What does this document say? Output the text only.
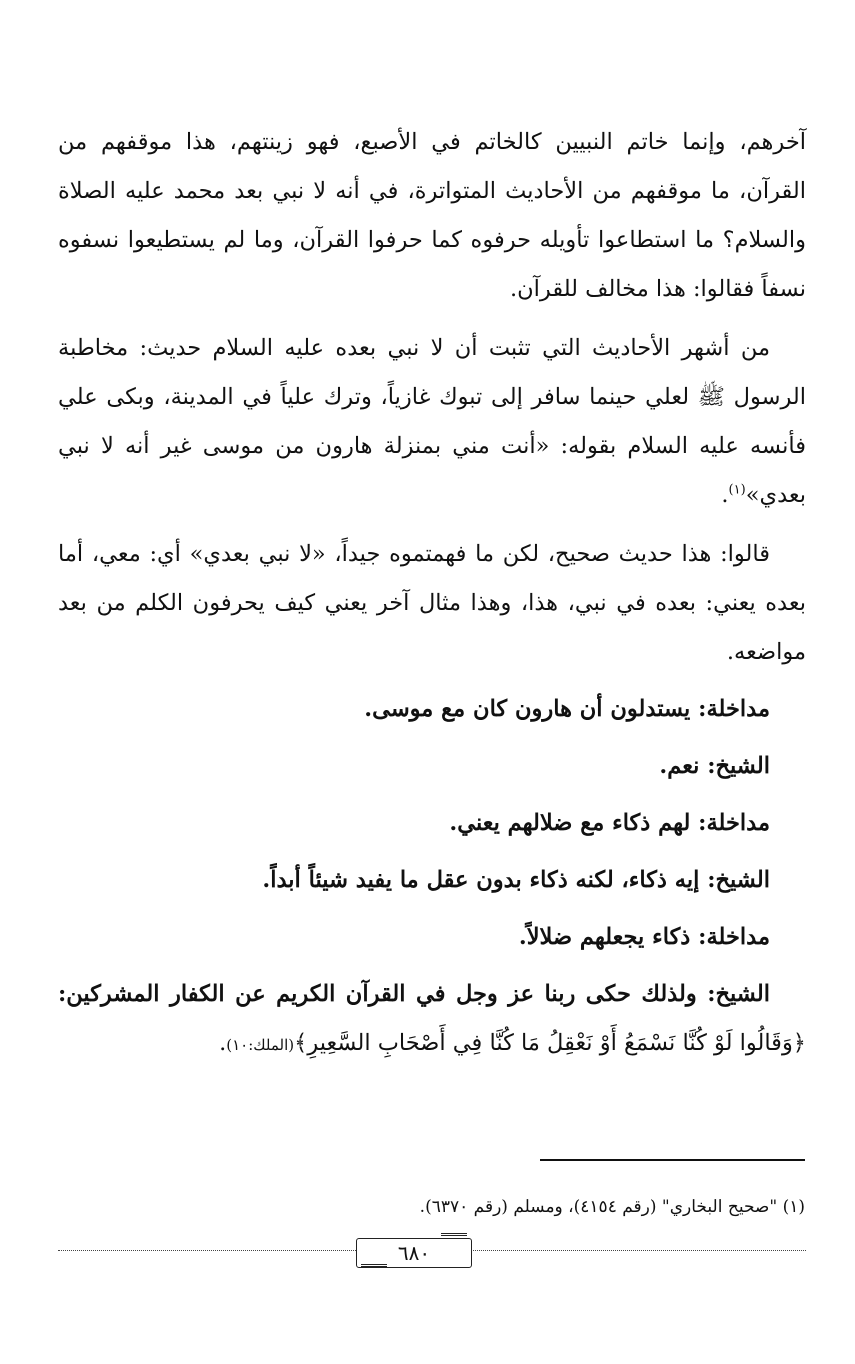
آخرهم، وإنما خاتم النبيين كالخاتم في الأصبع، فهو زينتهم، هذا موقفهم من القرآن، ما موقفهم من الأحاديث المتواترة، في أنه لا نبي بعد محمد عليه الصلاة والسلام؟ ما استطاعوا تأويله حرفوه كما حرفوا القرآن، وما لم يستطيعوا نسفوه نسفاً فقالوا: هذا مخالف للقرآن.

من أشهر الأحاديث التي تثبت أن لا نبي بعده عليه السلام حديث: مخاطبة الرسول ﷺ لعلي حينما سافر إلى تبوك غازياً، وترك علياً في المدينة، وبكى علي فأنسه عليه السلام بقوله: «أنت مني بمنزلة هارون من موسى غير أنه لا نبي بعدي»$^{(١)}$.

قالوا: هذا حديث صحيح، لكن ما فهمتموه جيداً، «لا نبي بعدي» أي: معي، أما بعده يعني: بعده في نبي، هذا، وهذا مثال آخر يعني كيف يحرفون الكلم من بعد مواضعه.

مداخلة: يستدلون أن هارون كان مع موسى.

الشيخ: نعم.

مداخلة: لهم ذكاء مع ضلالهم يعني.

الشيخ: إيه ذكاء، لكنه ذكاء بدون عقل ما يفيد شيئاً أبداً.

مداخلة: ذكاء يجعلهم ضلالاً.

الشيخ: ولذلك حكى ربنا عز وجل في القرآن الكريم عن الكفار المشركين: ﴿وَقَالُوا لَوْ كُنَّا نَسْمَعُ أَوْ نَعْقِلُ مَا كُنَّا فِي أَصْحَابِ السَّعِيرِ﴾(الملك:١٠).

(١) "صحيح البخاري" (رقم ٤١٥٤)، ومسلم (رقم ٦٣٧٠).
٦٨٠
